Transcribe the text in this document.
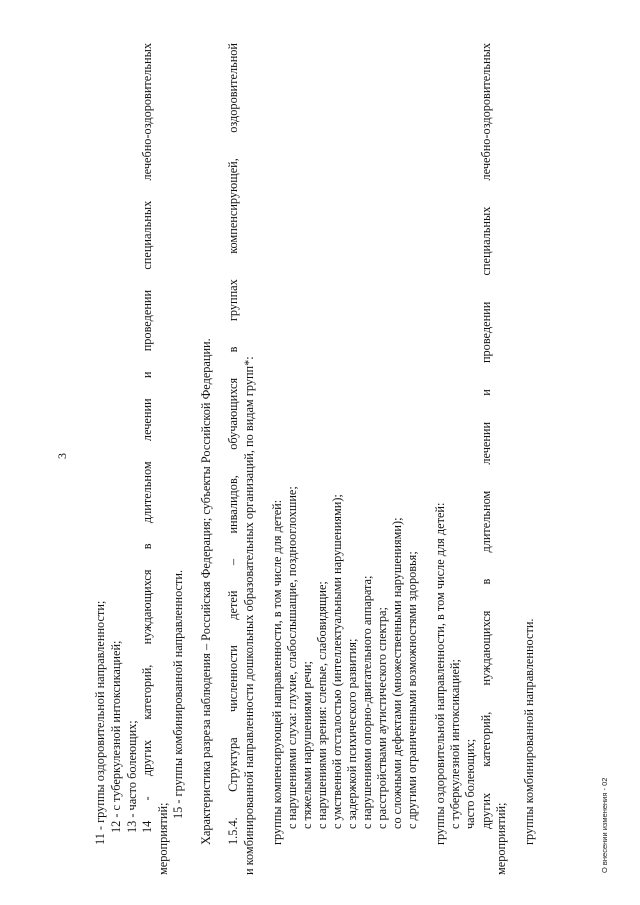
3
11 - группы оздоровительной направленности; 12 - с туберкулезной интоксикацией; 13 - часто болеющих; 14 - других категорий, нуждающихся в длительном лечении и проведении специальных лечебно-оздоровительных
мероприятий;
15 - группы комбинированной направленности. Характеристика разреза наблюдения – Российская Федерация; субъекты Российской Федерации. 1.5.4. Структура численности детей – инвалидов, обучающихся в группах компенсирующей, оздоровительной и комбинированной направленности дошкольных образовательных организаций, по видам групп*: группы компенсирующей направленности, в том числе для детей: с нарушениями слуха: глухие, слабослышащие, позднооглохшие; с тяжелыми нарушениями речи; с нарушениями зрения: слепые, слабовидящие; с умственной отсталостью (интеллектуальными нарушениями); с задержкой психического развития; с нарушениями опорно-двигательного аппарата; с расстройствами аутистического спектра; со сложными дефектами (множественными нарушениями); с другими ограниченными возможностями здоровья; группы оздоровительной направленности, в том числе для детей: с туберкулезной интоксикацией; часто болеющих; других категорий, нуждающихся в длительном лечении и проведении специальных лечебно-оздоровительных
мероприятий; группы комбинированной направленности.	О внесении изменения - 02
